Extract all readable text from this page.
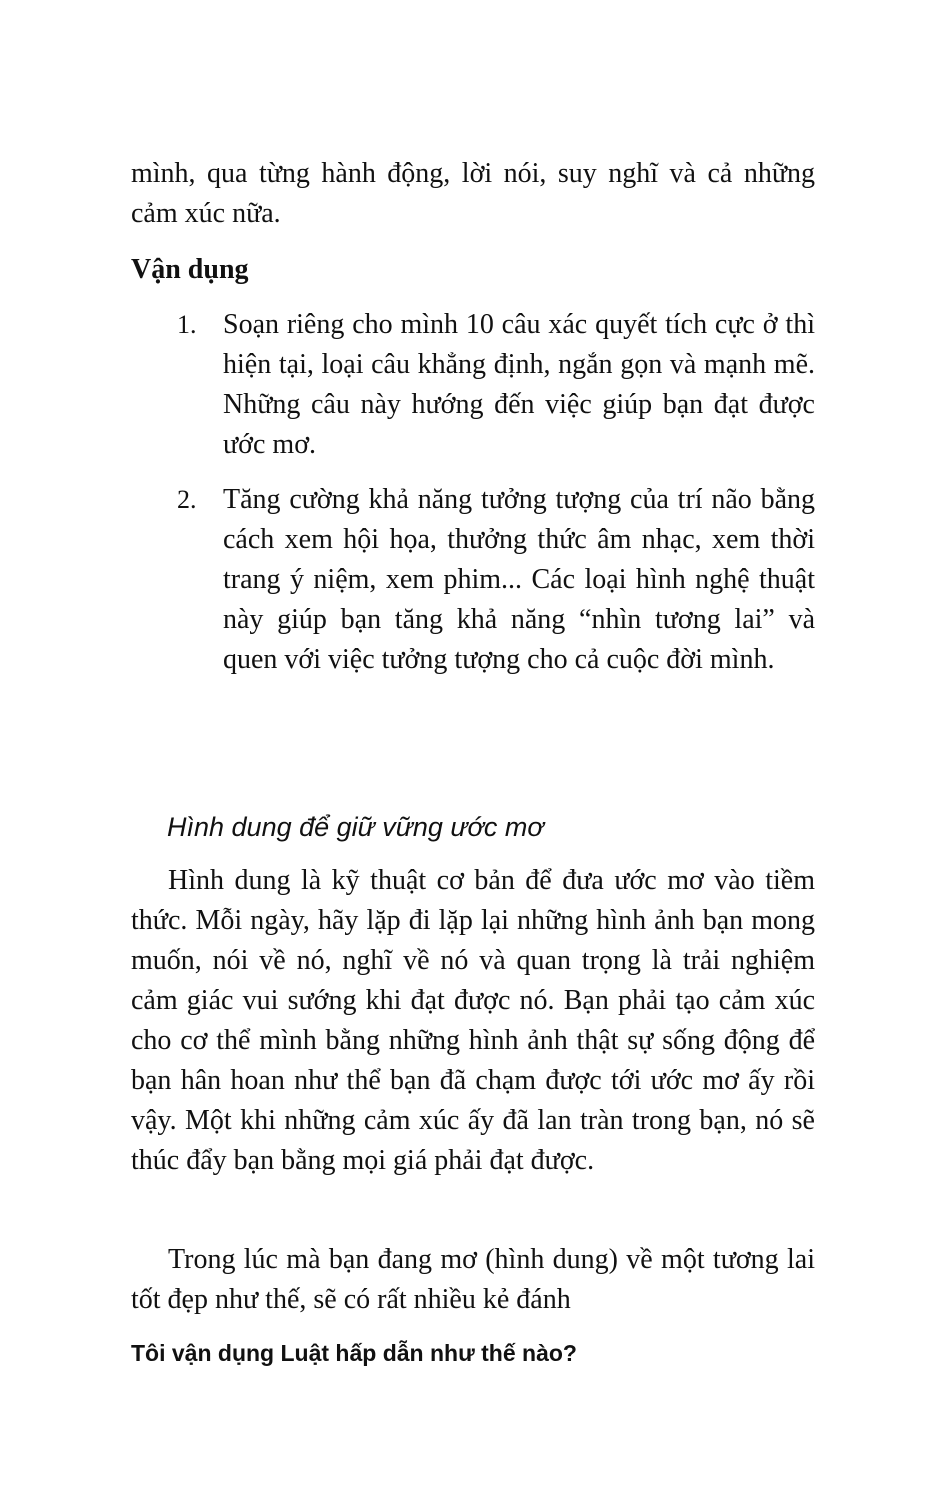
mình, qua từng hành động, lời nói, suy nghĩ và cả những cảm xúc nữa.

Vận dụng
1. Soạn riêng cho mình 10 câu xác quyết tích cực ở thì hiện tại, loại câu khẳng định, ngắn gọn và mạnh mẽ. Những câu này hướng đến việc giúp bạn đạt được ước mơ.
2. Tăng cường khả năng tưởng tượng của trí não bằng cách xem hội họa, thưởng thức âm nhạc, xem thời trang ý niệm, xem phim... Các loại hình nghệ thuật này giúp bạn tăng khả năng “nhìn tương lai” và quen với việc tưởng tượng cho cả cuộc đời mình.
Hình dung để giữ vững ước mơ

Hình dung là kỹ thuật cơ bản để đưa ước mơ vào tiềm thức. Mỗi ngày, hãy lặp đi lặp lại những hình ảnh bạn mong muốn, nói về nó, nghĩ về nó và quan trọng là trải nghiệm cảm giác vui sướng khi đạt được nó. Bạn phải tạo cảm xúc cho cơ thể mình bằng những hình ảnh thật sự sống động để bạn hân hoan như thể bạn đã chạm được tới ước mơ ấy rồi vậy. Một khi những cảm xúc ấy đã lan tràn trong bạn, nó sẽ thúc đẩy bạn bằng mọi giá phải đạt được.

Trong lúc mà bạn đang mơ (hình dung) về một tương lai tốt đẹp như thế, sẽ có rất nhiều kẻ đánh

Tôi vận dụng Luật hấp dẫn như thế nào?
